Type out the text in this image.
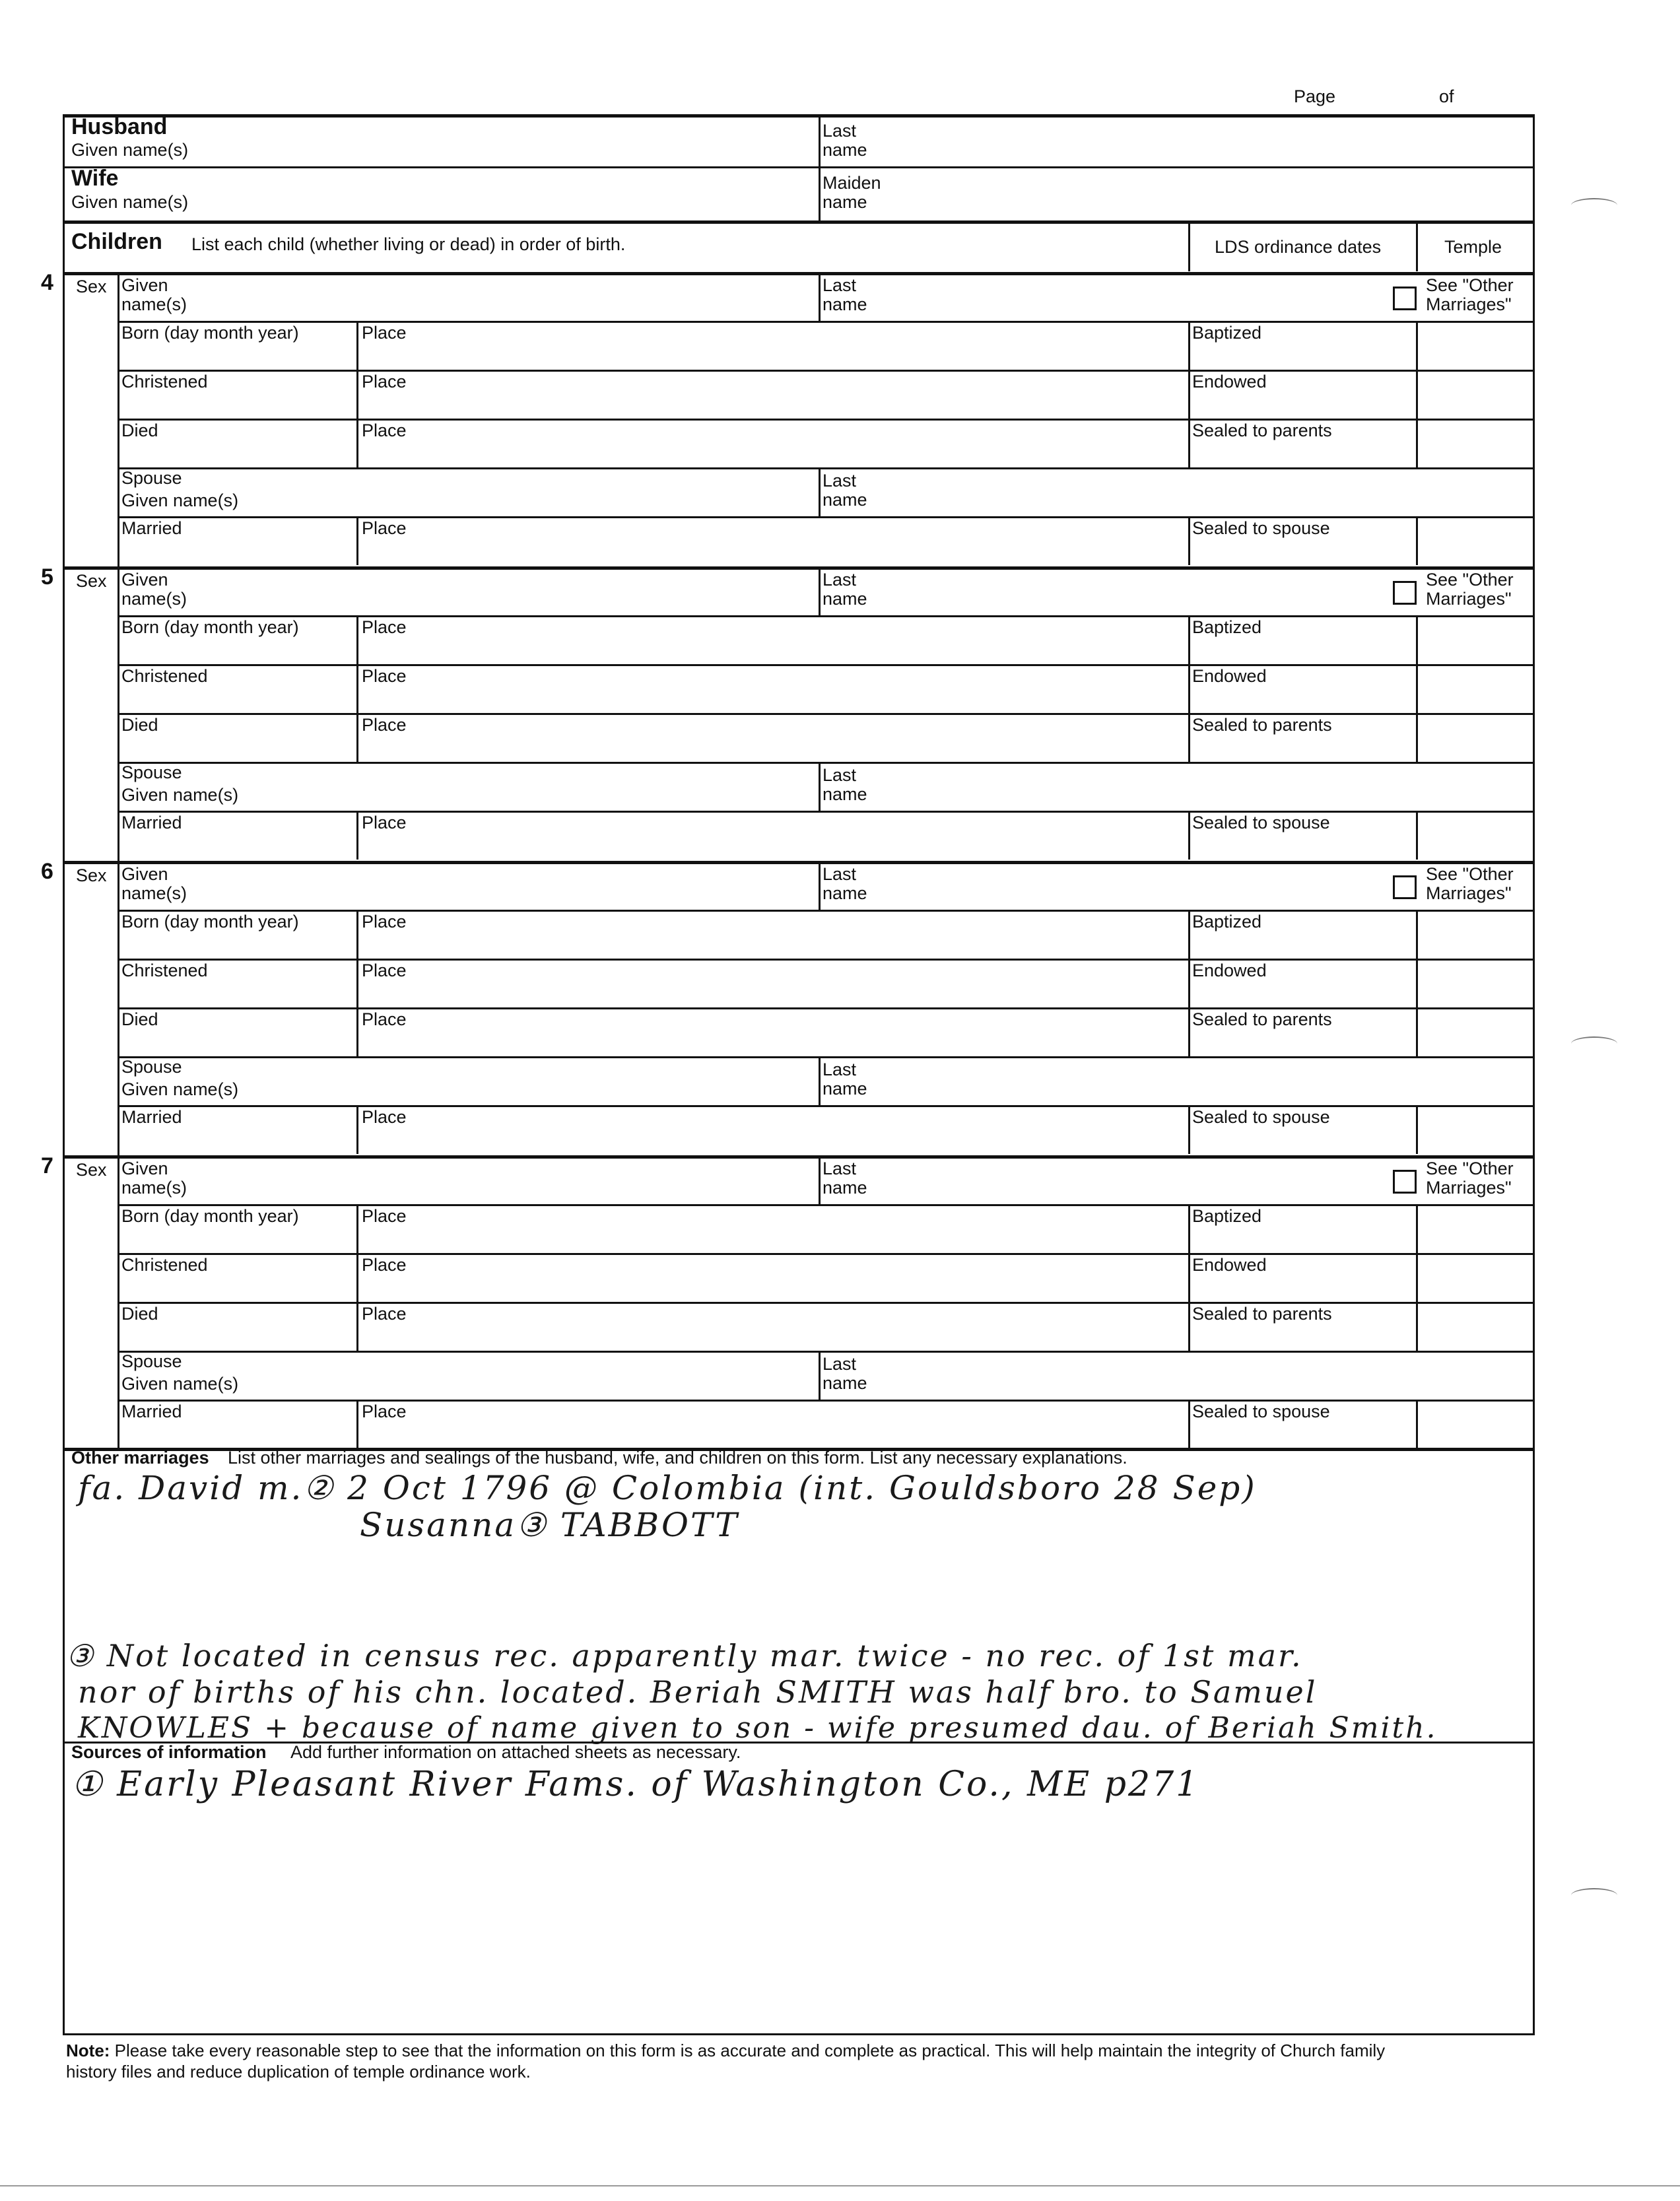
Page	of
Husband
Given name(s)
Last
name
Wife
Given name(s)
Maiden
name
Children List each child (whether living or dead) in order of birth.	LDS ordinance dates	Temple
4 Sex Given
name(s)
Last
name
See "Other
Marriages"
Born (day month year)	Place	Baptized
Christened	Place	Endowed
Died	Place	Sealed to parents
Spouse
Given name(s)
Last
name
Married	Place	Sealed to spouse
5 Sex Given
name(s)
Last
name
See "Other
Marriages"
Born (day month year)	Place	Baptized
Christened	Place	Endowed
Died	Place	Sealed to parents
Spouse
Given name(s)
Last
name
Married	Place	Sealed to spouse
6 Sex Given
name(s)
Last
name
See "Other
Marriages"
Born (day month year)	Place	Baptized
Christened	Place	Endowed
Died	Place	Sealed to parents
Spouse
Given name(s)
Last
name
Married	Place	Sealed to spouse
7 Sex Given
name(s)
Last
name
See "Other
Marriages"
Born (day month year)	Place	Baptized
Christened	Place	Endowed
Died	Place	Sealed to parents
Spouse
Given name(s)
Last
name
Married	Place	Sealed to spouse
Other marriages List other marriages and sealings of the husband, wife, and children on this form. List any necessary explanations.
fa. David m.② 2 Oct 1796 @ Colombia (int. Gouldsboro 28 Sep)
Susanna③ TABBOTT
③ Not located in census rec. apparently mar. twice - no rec. of 1st mar.
nor of births of his chn. located. Beriah SMITH was half bro. to Samuel
KNOWLES + because of name given to son - wife presumed dau. of Beriah Smith.
Sources of information Add further information on attached sheets as necessary.
① Early Pleasant River Fams. of Washington Co., ME p271
Note: Please take every reasonable step to see that the information on this form is as accurate and complete as practical. This will help maintain the integrity of Church family
history files and reduce duplication of temple ordinance work.
